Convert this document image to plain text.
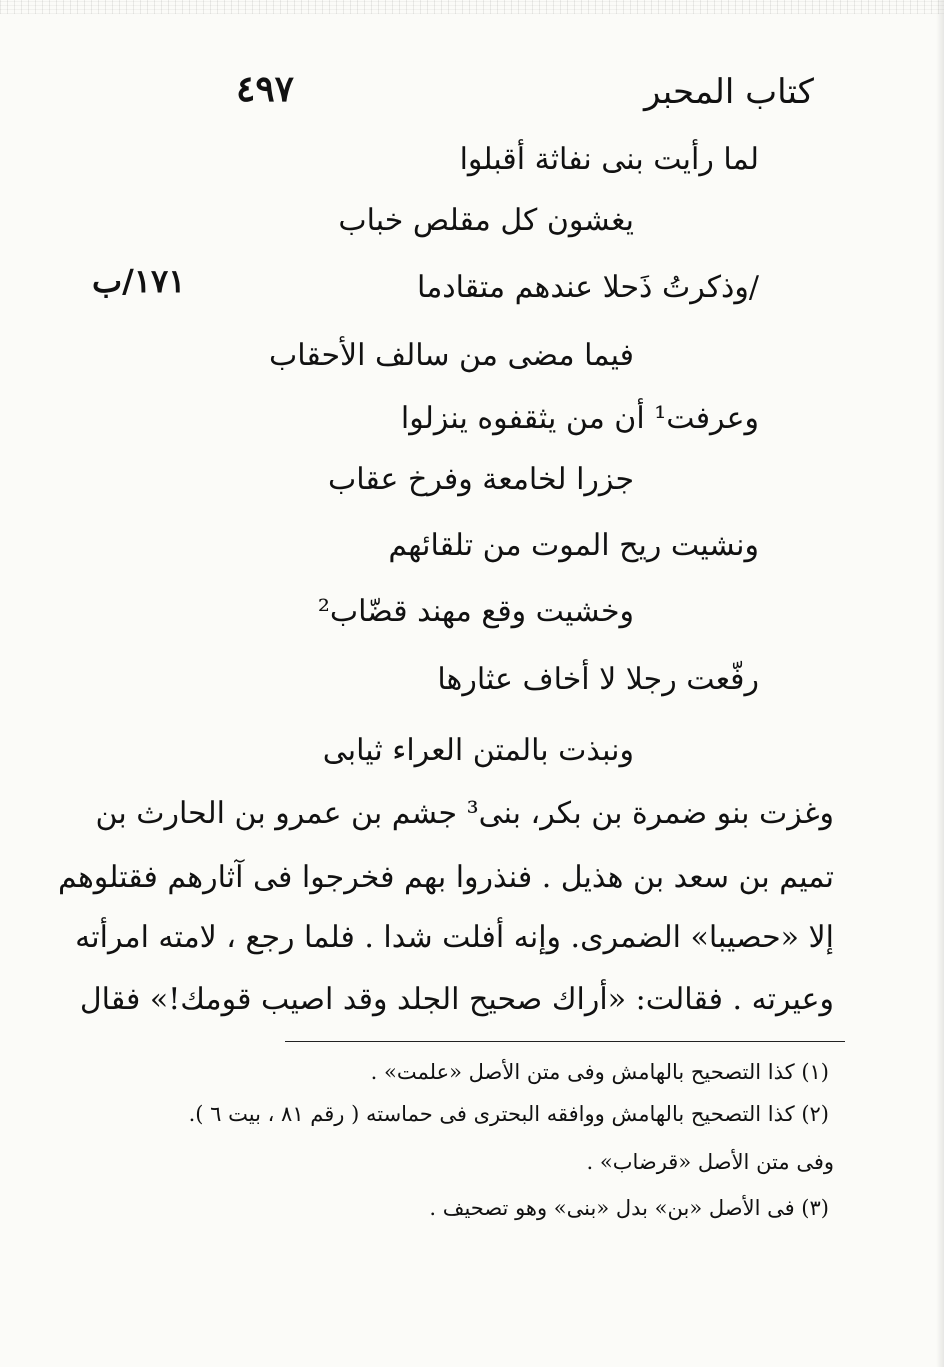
كتاب المحبر
٤٩٧
١٧١/ب
لما رأيت بنى نفاثة أقبلوا
يغشون كل مقلص خباب
/وذكرتُ ذَحلا عندهم متقادما
فيما مضى من سالف الأحقاب
وعرفت¹ أن من يثقفوه ينزلوا
جزرا لخامعة وفرخ عقاب
ونشيت ريح الموت من تلقائهم
وخشيت وقع مهند قضّاب²
رفّعت رجلا لا أخاف عثارها
ونبذت بالمتن العراء ثيابى
وغزت بنو ضمرة بن بكر، بنى³ جشم بن عمرو بن الحارث بن
تميم بن سعد بن هذيل . فنذروا بهم فخرجوا فى آثارهم فقتلوهم
إلا «حصيبا» الضمرى. وإنه أفلت شدا . فلما رجع ، لامته امرأته
وعيرته . فقالت: «أراك صحيح الجلد وقد اصيب قومك!» فقال
(١) كذا التصحيح بالهامش وفى متن الأصل «علمت» .
(٢) كذا التصحيح بالهامش ووافقه البحترى فى حماسته ( رقم ٨١ ، بيت ٦ ).
وفى متن الأصل «قرضاب» .
(٣) فى الأصل «بن» بدل «بنى» وهو تصحيف .
